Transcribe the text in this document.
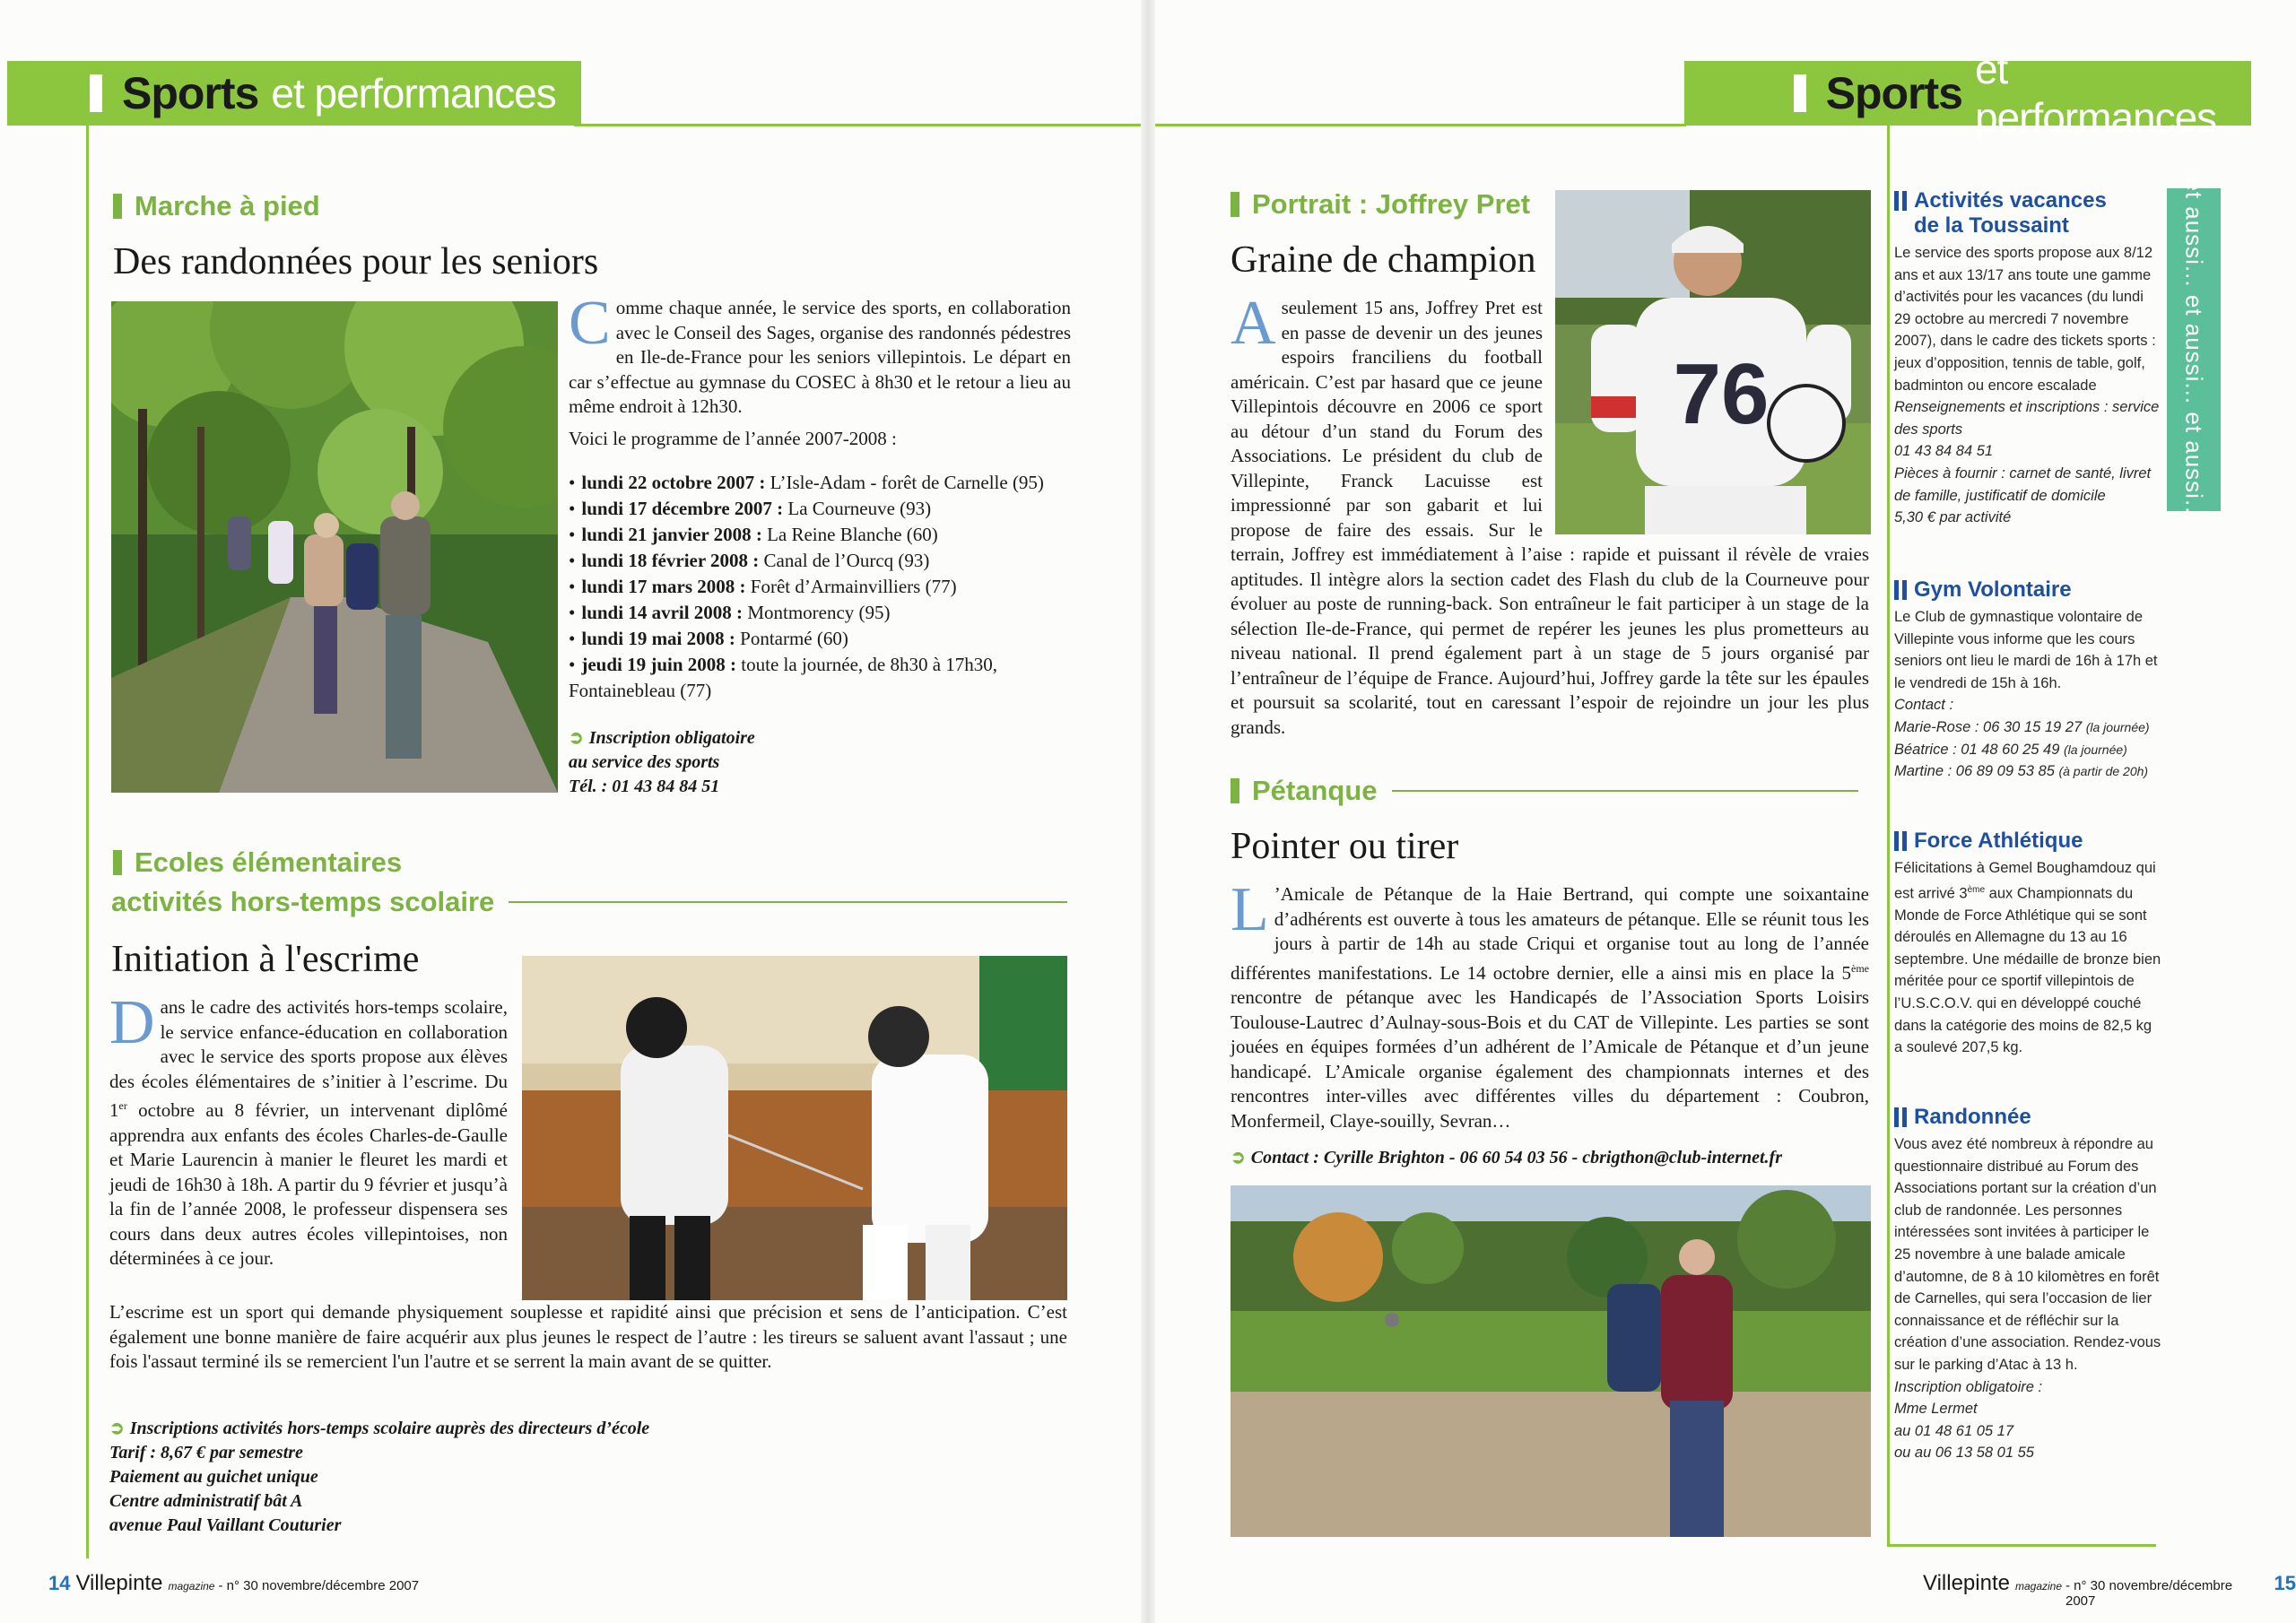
Sports et performances	Sports et performances
Marche à pied
Des randonnées pour les seniors

Comme chaque année, le service des sports, en collaboration avec le Conseil des Sages, organise des randonnés pédestres en Ile-de-France pour les seniors villepintois. Le départ en car s’effectue au gymnase du COSEC à 8h30 et le retour a lieu au même endroit à 12h30.

Voici le programme de l’année 2007-2008 :

• lundi 22 octobre 2007 : L’Isle-Adam - forêt de Carnelle (95)
• lundi 17 décembre 2007 : La Courneuve (93)
• lundi 21 janvier 2008 : La Reine Blanche (60)
• lundi 18 février 2008 : Canal de l’Ourcq (93)
• lundi 17 mars 2008 : Forêt d’Armainvilliers (77)
• lundi 14 avril 2008 : Montmorency (95)
• lundi 19 mai 2008 : Pontarmé (60)
• jeudi 19 juin 2008 : toute la journée, de 8h30 à 17h30, Fontainebleau (77)
➲ Inscription obligatoire
au service des sports
Tél. : 01 43 84 84 51
Ecoles élémentaires
activités hors-temps scolaire
Initiation à l'escrime

Dans le cadre des activités hors-temps scolaire, le service enfance-éducation en collaboration avec le service des sports propose aux élèves des écoles élémentaires de s’initier à l’escrime. Du 1er octobre au 8 février, un intervenant diplômé apprendra aux enfants des écoles Charles-de-Gaulle et Marie Laurencin à manier le fleuret les mardi et jeudi de 16h30 à 18h. A partir du 9 février et jusqu’à la fin de l’année 2008, le professeur dispensera ses cours dans deux autres écoles villepintoises, non déterminées à ce jour.

L’escrime est un sport qui demande physiquement souplesse et rapidité ainsi que précision et sens de l’anticipation. C’est également une bonne manière de faire acquérir aux plus jeunes le respect de l’autre : les tireurs se saluent avant l'assaut ; une fois l'assaut terminé ils se remercient l'un l'autre et se serrent la main avant de se quitter.
➲ Inscriptions activités hors-temps scolaire auprès des directeurs d’école
Tarif : 8,67 € par semestre
Paiement au guichet unique
Centre administratif bât A
avenue Paul Vaillant Couturier
14 Villepinte magazine - n° 30 novembre/décembre 2007
Portrait : Joffrey Pret
Graine de champion
76

A seulement 15 ans, Joffrey Pret est en passe de devenir un des jeunes espoirs franciliens du football américain. C’est par hasard que ce jeune Villepintois découvre en 2006 ce sport au détour d’un stand du Forum des Associations. Le président du club de Villepinte, Franck Lacuisse est impressionné par son gabarit et lui propose de faire des essais. Sur le terrain, Joffrey est immédiatement à l’aise : rapide et puissant il révèle de vraies aptitudes. Il intègre alors la section cadet des Flash du club de la Courneuve pour évoluer au poste de running-back. Son entraîneur le fait participer à un stage de la sélection Ile-de-France, qui permet de repérer les jeunes les plus prometteurs au niveau national. Il prend également part à un stage de 5 jours organisé par l’entraîneur de l’équipe de France. Aujourd’hui, Joffrey garde la tête sur les épaules et poursuit sa scolarité, tout en caressant l’espoir de rejoindre un jour les plus grands.

Pétanque
Pointer ou tirer

L ’Amicale de Pétanque de la Haie Bertrand, qui compte une soixantaine d’adhérents est ouverte à tous les amateurs de pétanque. Elle se réunit tous les jours à partir de 14h au stade Criqui et organise tout au long de l’année différentes manifestations. Le 14 octobre dernier, elle a ainsi mis en place la 5ème rencontre de pétanque avec les Handicapés de l’Association Sports Loisirs Toulouse-Lautrec d’Aulnay-sous-Bois et du CAT de Villepinte. Les parties se sont jouées en équipes formées d’un adhérent de l’Amicale de Pétanque et d’un jeune handicapé. L’Amicale organise également des championnats internes et des rencontres inter-villes avec différentes villes du département : Coubron, Monfermeil, Claye-souilly, Sevran…

➲ Contact : Cyrille Brighton - 06 60 54 03 56 - cbrigthon@club-internet.fr
et aussi... et aussi... et aussi...
Activités vacances
de la Toussaint
Le service des sports propose aux 8/12 ans et aux 13/17 ans toute une gamme d’activités pour les vacances (du lundi 29 octobre au mercredi 7 novembre 2007), dans le cadre des tickets sports : jeux d’opposition, tennis de table, golf, badminton ou encore escalade
Renseignements et inscriptions : service des sports
01 43 84 84 51
Pièces à fournir : carnet de santé, livret de famille, justificatif de domicile
5,30 € par activité
Gym Volontaire
Le Club de gymnastique volontaire de Villepinte vous informe que les cours seniors ont lieu le mardi de 16h à 17h et le vendredi de 15h à 16h.
Contact :
Marie-Rose : 06 30 15 19 27 (la journée)
Béatrice : 01 48 60 25 49 (la journée)
Martine : 06 89 09 53 85 (à partir de 20h)
Force Athlétique
Félicitations à Gemel Boughamdouz qui est arrivé 3ème aux Championnats du Monde de Force Athlétique qui se sont déroulés en Allemagne du 13 au 16 septembre. Une médaille de bronze bien méritée pour ce sportif villepintois de l’U.S.C.O.V. qui en développé couché dans la catégorie des moins de 82,5 kg a soulevé 207,5 kg.
Randonnée
Vous avez été nombreux à répondre au questionnaire distribué au Forum des Associations portant sur la création d’un club de randonnée. Les personnes intéressées sont invitées à participer le 25 novembre à une balade amicale d’automne, de 8 à 10 kilomètres en forêt de Carnelles, qui sera l’occasion de lier connaissance et de réfléchir sur la création d’une association. Rendez-vous sur le parking d’Atac à 13 h.
Inscription obligatoire :
Mme Lermet
au 01 48 61 05 17
ou au 06 13 58 01 55
Villepinte magazine - n° 30 novembre/décembre 2007
15
